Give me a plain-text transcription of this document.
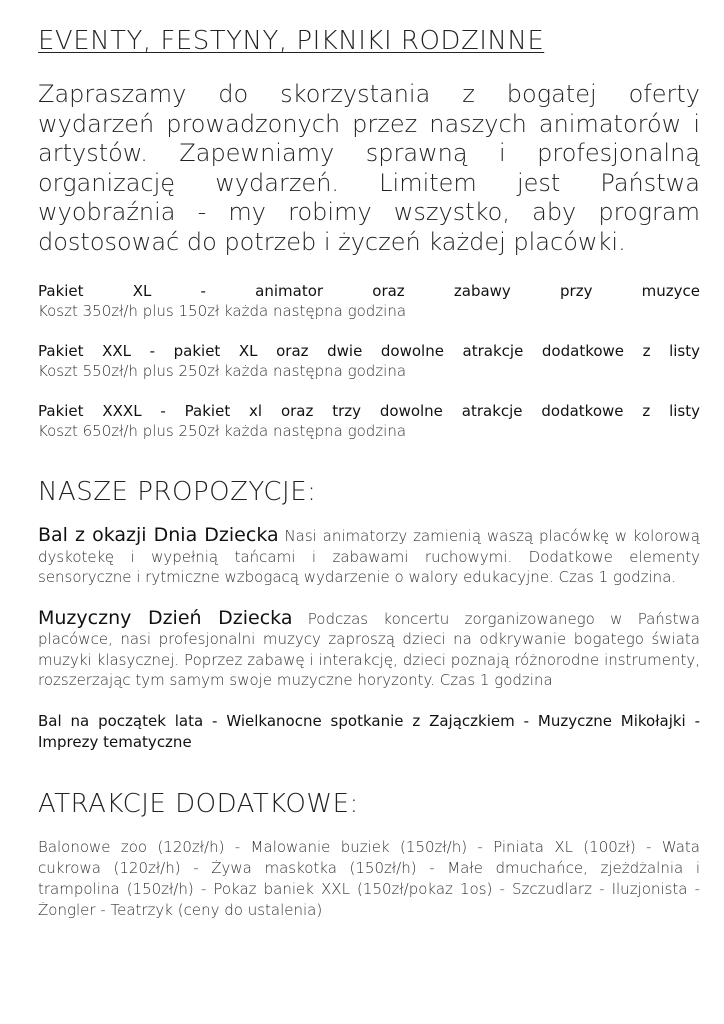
EVENTY, FESTYNY, PIKNIKI RODZINNE

Zapraszamy do skorzystania z bogatej oferty wydarzeń prowadzonych przez naszych animatorów i artystów. Zapewniamy sprawną i profesjonalną organizację wydarzeń. Limitem jest Państwa wyobraźnia - my robimy wszystko, aby program dostosować do potrzeb i życzeń każdej placówki.

Pakiet XL - animator oraz zabawy przy muzyce
Koszt 350zł/h plus 150zł każda następna godzina
Pakiet XXL - pakiet XL oraz dwie dowolne atrakcje dodatkowe z listy
Koszt 550zł/h plus 250zł każda następna godzina
Pakiet XXXL - Pakiet xl oraz trzy dowolne atrakcje dodatkowe z listy
Koszt 650zł/h plus 250zł każda następna godzina
NASZE PROPOZYCJE:

Bal z okazji Dnia Dziecka Nasi animatorzy zamienią waszą placówkę w kolorową dyskotekę i wypełnią tańcami i zabawami ruchowymi. Dodatkowe elementy sensoryczne i rytmiczne wzbogacą wydarzenie o walory edukacyjne. Czas 1 godzina.

Muzyczny Dzień Dziecka Podczas koncertu zorganizowanego w Państwa placówce, nasi profesjonalni muzycy zaproszą dzieci na odkrywanie bogatego świata muzyki klasycznej. Poprzez zabawę i interakcję, dzieci poznają różnorodne instrumenty, rozszerzając tym samym swoje muzyczne horyzonty. Czas 1 godzina

Bal na początek lata - Wielkanocne spotkanie z Zajączkiem - Muzyczne Mikołajki - Imprezy tematyczne

ATRAKCJE DODATKOWE:

Balonowe zoo (120zł/h) - Malowanie buziek (150zł/h) - Piniata XL (100zł) - Wata cukrowa (120zł/h) - Żywa maskotka (150zł/h) - Małe dmuchańce, zjeżdżalnia i trampolina (150zł/h) - Pokaz baniek XXL (150zł/pokaz 1os) - Szczudlarz - Iluzjonista - Żongler - Teatrzyk (ceny do ustalenia)
